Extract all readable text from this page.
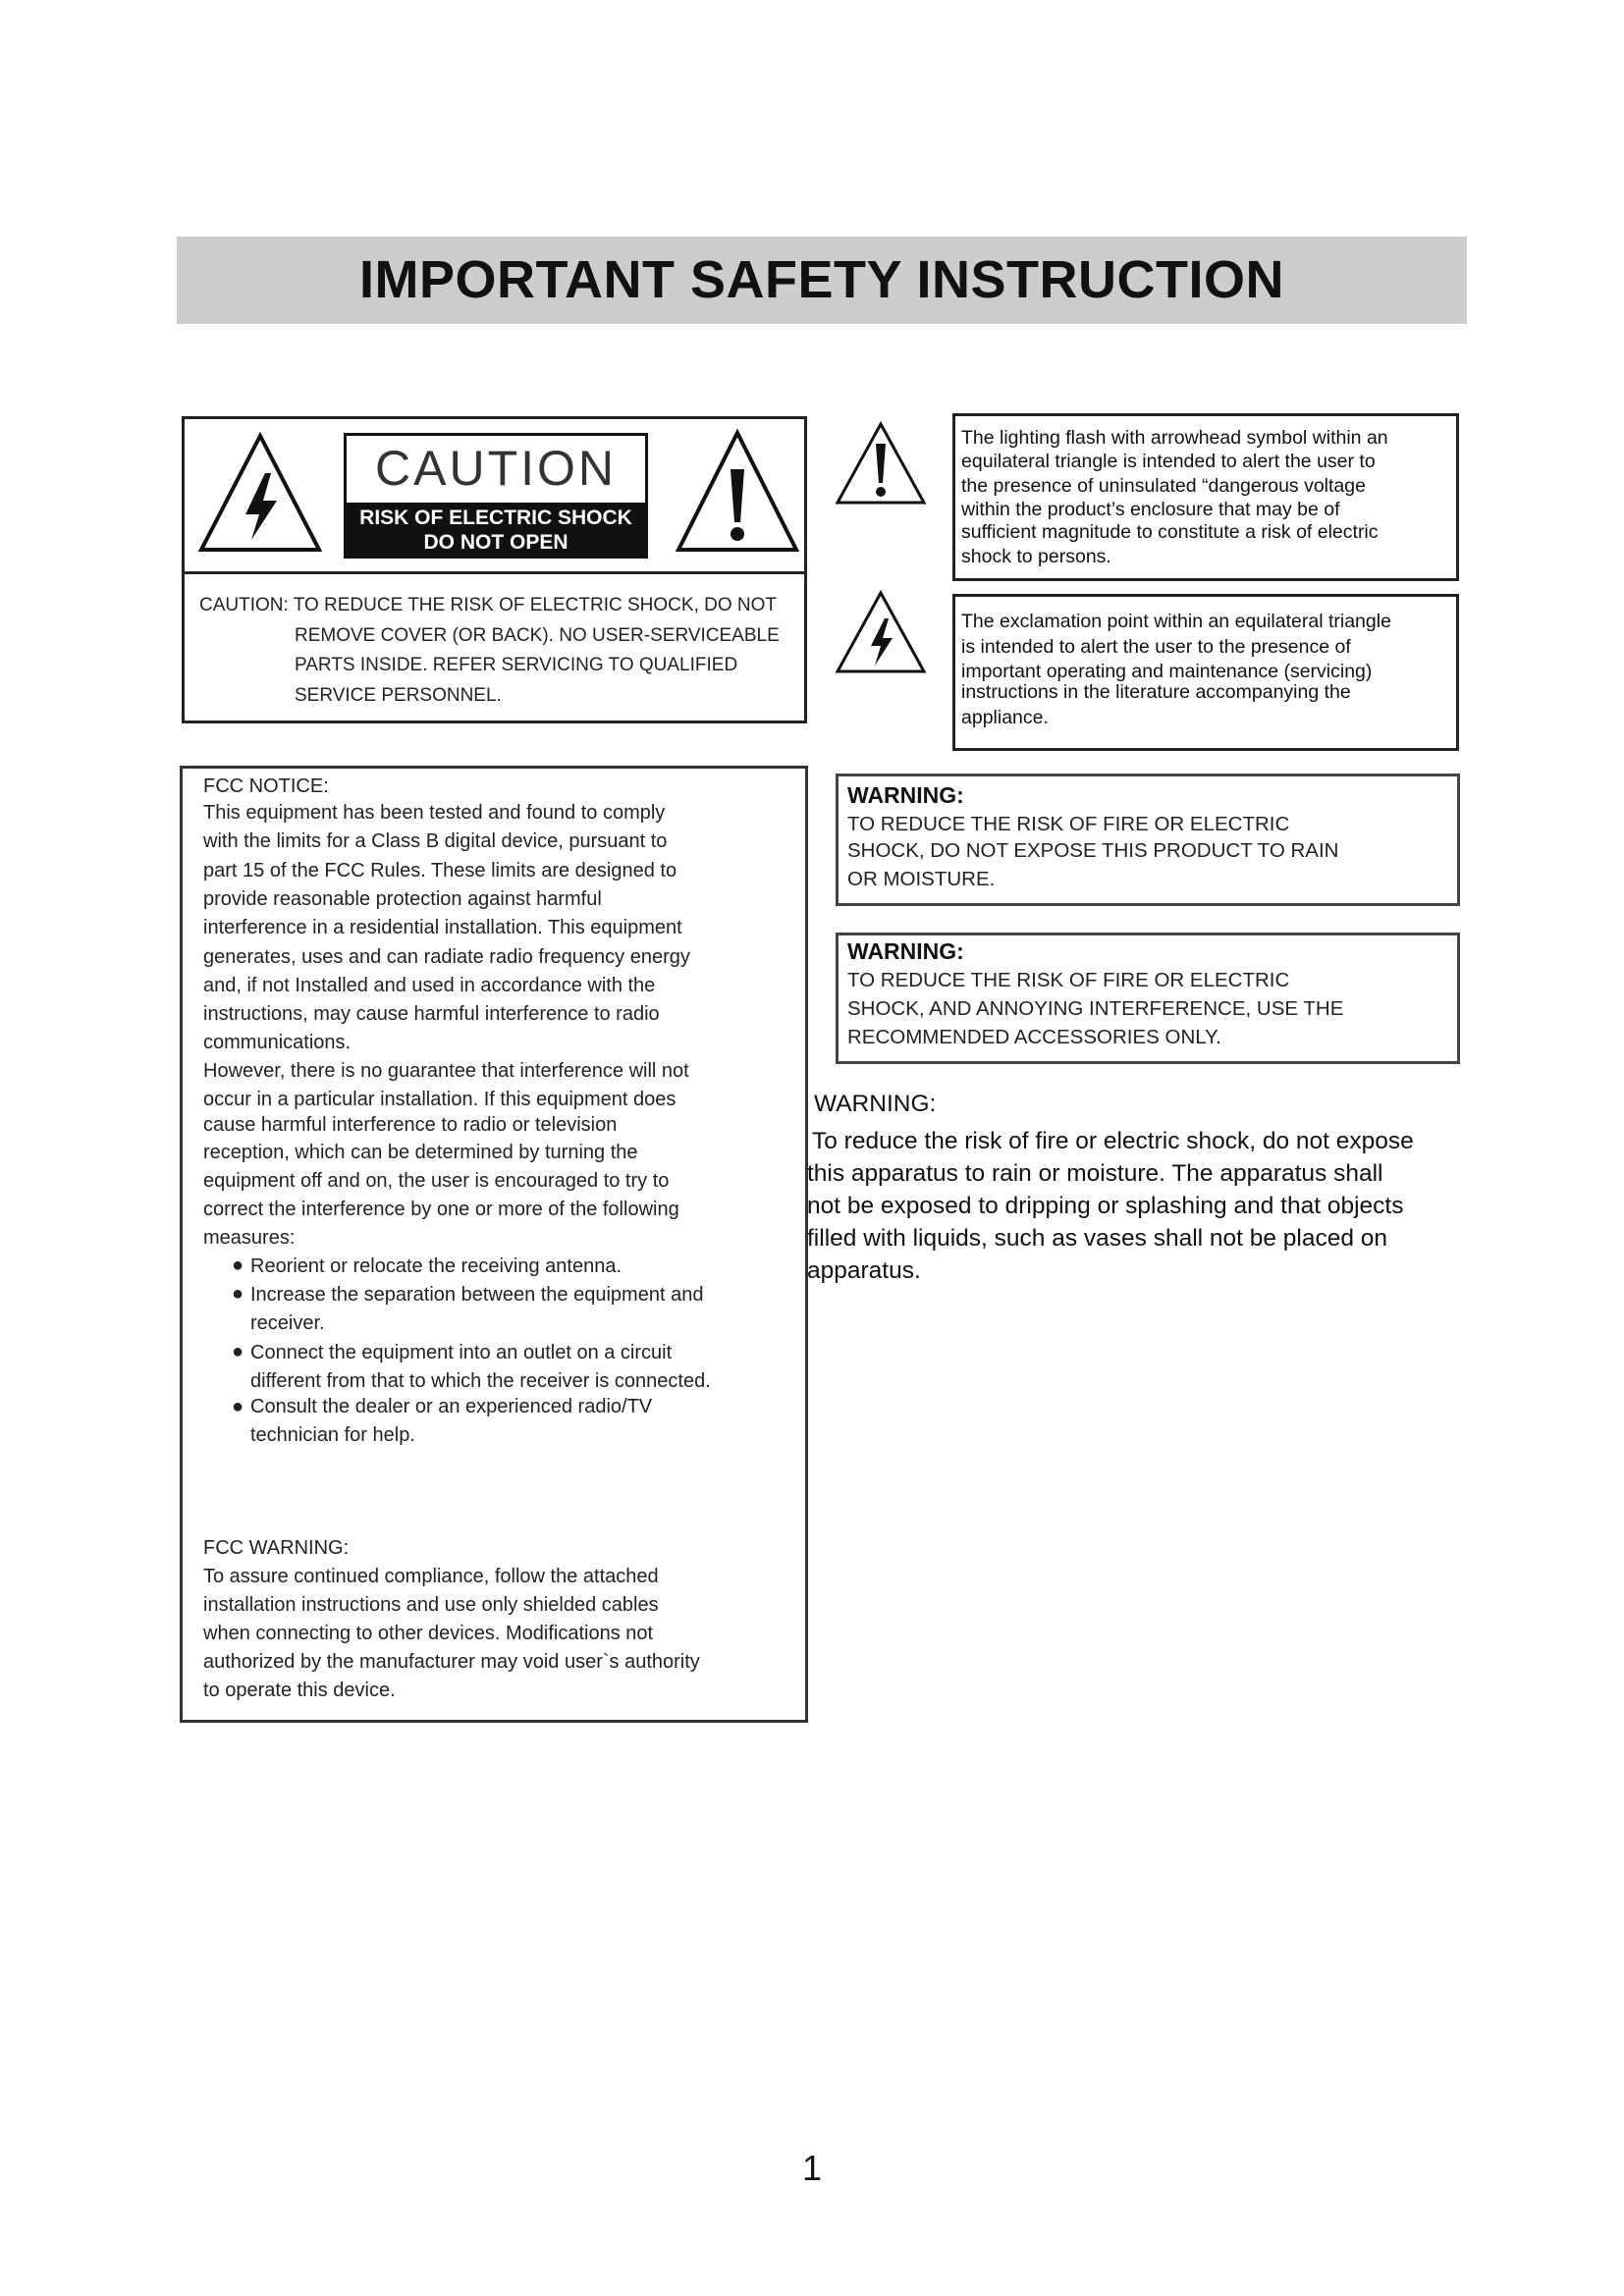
IMPORTANT SAFETY INSTRUCTION
CAUTION
RISK OF ELECTRIC SHOCK
DO NOT OPEN
CAUTION: TO REDUCE THE RISK OF ELECTRIC SHOCK, DO NOT
REMOVE COVER (OR BACK). NO USER-SERVICEABLE
PARTS INSIDE. REFER SERVICING TO QUALIFIED
SERVICE PERSONNEL.
The lighting flash with arrowhead symbol within an
equilateral triangle is intended to alert the user to
the presence of uninsulated “dangerous voltage
within the product’s enclosure that may be of
sufficient magnitude to constitute a risk of electric
shock to persons.
The exclamation point within an equilateral triangle
is intended to alert the user to the presence of
important operating and maintenance (servicing)
instructions in the literature accompanying the
appliance.
FCC NOTICE:
This equipment has been tested and found to comply
with the limits for a Class B digital device, pursuant to
part 15 of the FCC Rules. These limits are designed to
provide reasonable protection against harmful
interference in a residential installation. This equipment
generates, uses and can radiate radio frequency energy
and, if not Installed and used in accordance with the
instructions, may cause harmful interference to radio
communications.
However, there is no guarantee that interference will not
occur in a particular installation. If this equipment does
cause harmful interference to radio or television
reception, which can be determined by turning the
equipment off and on, the user is encouraged to try to
correct the interference by one or more of the following
measures:
● Reorient or relocate the receiving antenna.
● Increase the separation between the equipment and
receiver.
● Connect the equipment into an outlet on a circuit
different from that to which the receiver is connected.
● Consult the dealer or an experienced radio/TV
technician for help.
FCC WARNING:
To assure continued compliance, follow the attached
installation instructions and use only shielded cables
when connecting to other devices. Modifications not
authorized by the manufacturer may void user`s authority
to operate this device.
WARNING:
TO REDUCE THE RISK OF FIRE OR ELECTRIC
SHOCK, DO NOT EXPOSE THIS PRODUCT TO RAIN
OR MOISTURE.
WARNING:
TO REDUCE THE RISK OF FIRE OR ELECTRIC
SHOCK, AND ANNOYING INTERFERENCE, USE THE
RECOMMENDED ACCESSORIES ONLY.
WARNING:
To reduce the risk of fire or electric shock, do not expose
this apparatus to rain or moisture. The apparatus shall
not be exposed to dripping or splashing and that objects
filled with liquids, such as vases shall not be placed on
apparatus.
1
